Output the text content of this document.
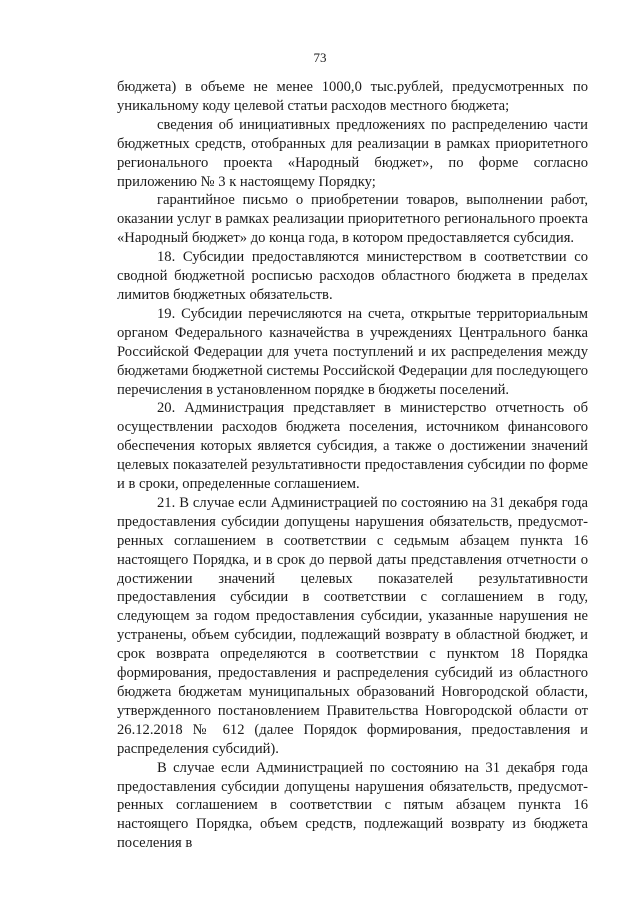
73

бюджета) в объеме не менее 1000,0 тыс.рублей, предусмотренных по уникальному коду целевой статьи расходов местного бюджета;

сведения об инициативных предложениях по распределению части бюджетных средств, отобранных для реализации в рамках приоритетного регионального проекта «Народный бюджет», по форме согласно приложению № 3 к настоящему Порядку;

гарантийное письмо о приобретении товаров, выполнении работ, оказании услуг в рамках реализации приоритетного регионального проекта «Народный бюджет» до конца года, в котором предоставляется субсидия.

18. Субсидии предоставляются министерством в соответствии со сводной бюджетной росписью расходов областного бюджета в пределах лимитов бюджетных обязательств.

19. Субсидии перечисляются на счета, открытые территориальным органом Федерального казначейства в учреждениях Центрального банка Российской Федерации для учета поступлений и их распределения между бюджетами бюджетной системы Российской Федерации для последующего перечисления в установленном порядке в бюджеты поселений.

20. Администрация представляет в министерство отчетность об осуществлении расходов бюджета поселения, источником финансового обеспечения которых является субсидия, а также о достижении значений целевых показателей результативности предоставления субсидии по форме и в сроки, определенные соглашением.

21. В случае если Администрацией по состоянию на 31 декабря года предоставления субсидии допущены нарушения обязательств, предусмотренных соглашением в соответствии с седьмым абзацем пункта 16 настоящего Порядка, и в срок до первой даты представления отчетности о достижении значений целевых показателей результативности предоставления субсидии в соответствии с соглашением в году, следующем за годом предоставления субсидии, указанные нарушения не устранены, объем субсидии, подлежащий возврату в областной бюджет, и срок возврата определяются в соответствии с пунктом 18 Порядка формирования, предоставления и распределения субсидий из областного бюджета бюджетам муниципальных образований Новгородской области, утвержденного постановлением Правительства Новгородской области от 26.12.2018 № 612 (далее Порядок формирования, предоставления и распределения субсидий).

В случае если Администрацией по состоянию на 31 декабря года предоставления субсидии допущены нарушения обязательств, предусмотренных соглашением в соответствии с пятым абзацем пункта 16 настоящего Порядка, объем средств, подлежащий возврату из бюджета поселения в
